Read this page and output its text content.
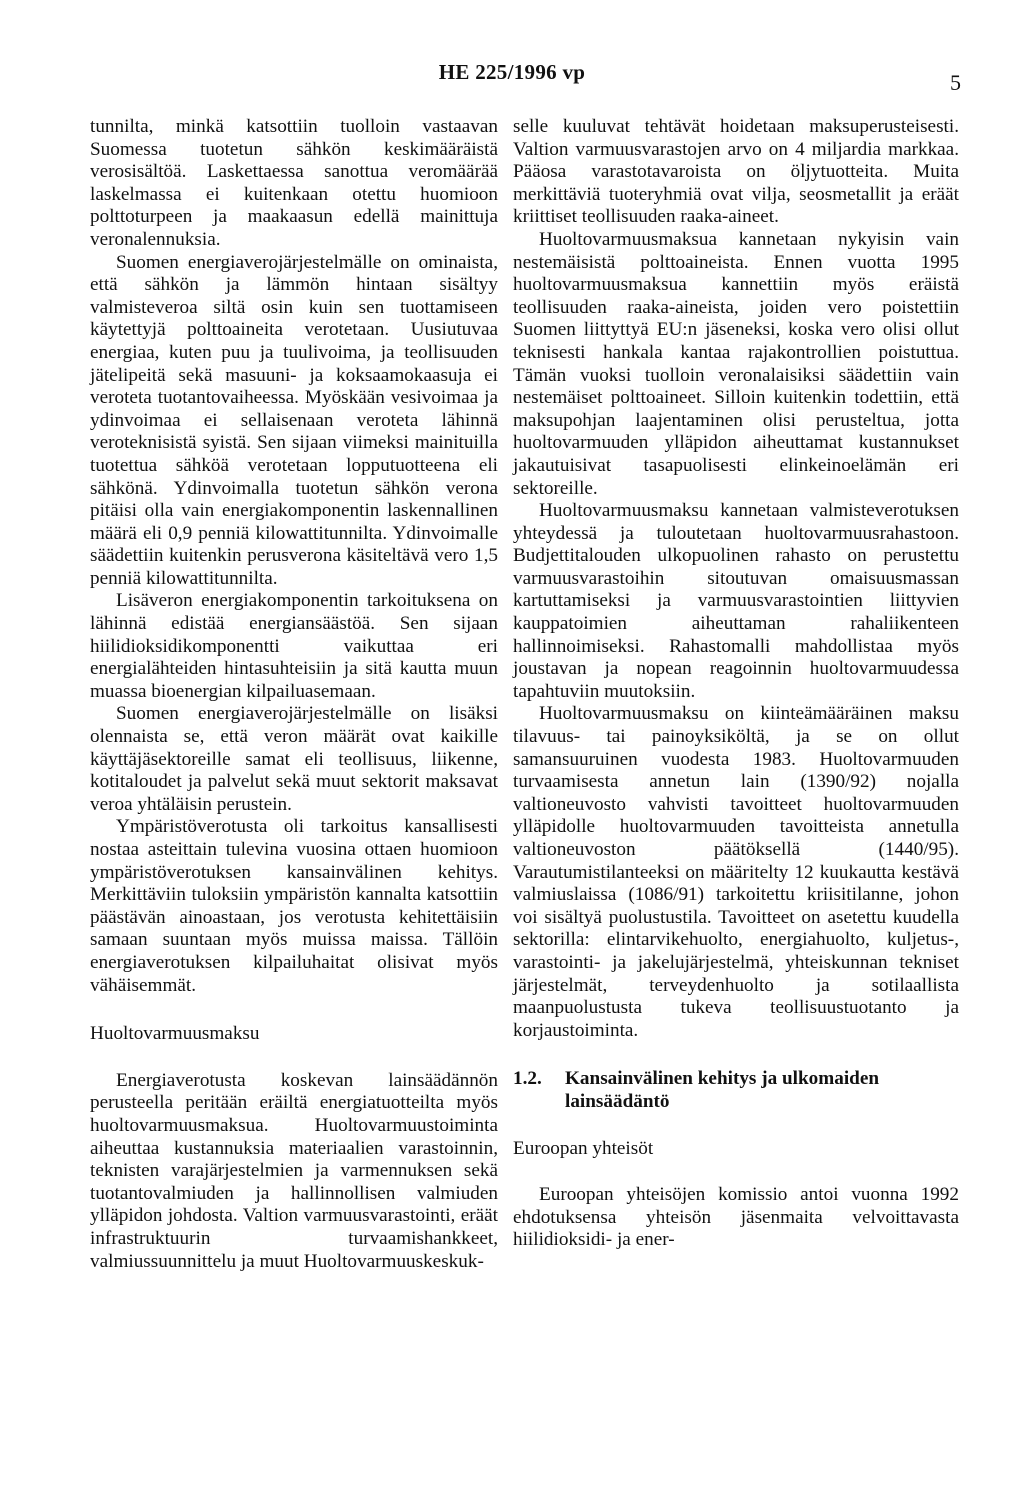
HE 225/1996 vp	5

tunnilta, minkä katsottiin tuolloin vastaavan Suomessa tuotetun sähkön keskimääräistä verosisältöä. Laskettaessa sanottua veromäärää laskelmassa ei kuitenkaan otettu huomioon polttoturpeen ja maakaasun edellä mainittuja veronalennuksia.

Suomen energiaverojärjestelmälle on ominaista, että sähkön ja lämmön hintaan sisältyy valmisteveroa siltä osin kuin sen tuottamiseen käytettyjä polttoaineita verotetaan. Uusiutuvaa energiaa, kuten puu ja tuulivoima, ja teollisuuden jätelipeitä sekä masuuni- ja koksaamokaasuja ei veroteta tuotantovaiheessa. Myöskään vesivoimaa ja ydinvoimaa ei sellaisenaan veroteta lähinnä veroteknisistä syistä. Sen sijaan viimeksi mainituilla tuotettua sähköä verotetaan lopputuotteena eli sähkönä. Ydinvoimalla tuotetun sähkön verona pitäisi olla vain energiakomponentin laskennallinen määrä eli 0,9 penniä kilowattitunnilta. Ydinvoimalle säädettiin kuitenkin perusverona käsiteltävä vero 1,5 penniä kilowattitunnilta.

Lisäveron energiakomponentin tarkoituksena on lähinnä edistää energiansäästöä. Sen sijaan hiilidioksidikomponentti vaikuttaa eri energialähteiden hintasuhteisiin ja sitä kautta muun muassa bioenergian kilpailuasemaan.

Suomen energiaverojärjestelmälle on lisäksi olennaista se, että veron määrät ovat kaikille käyttäjäsektoreille samat eli teollisuus, liikenne, kotitaloudet ja palvelut sekä muut sektorit maksavat veroa yhtäläisin perustein.

Ympäristöverotusta oli tarkoitus kansallisesti nostaa asteittain tulevina vuosina ottaen huomioon ympäristöverotuksen kansainvälinen kehitys. Merkittäviin tuloksiin ympäristön kannalta katsottiin päästävän ainoastaan, jos verotusta kehitettäisiin samaan suuntaan myös muissa maissa. Tällöin energiaverotuksen kilpailuhaitat olisivat myös vähäisemmät.

Huoltovarmuusmaksu

Energiaverotusta koskevan lainsäädännön perusteella peritään eräiltä energiatuotteilta myös huoltovarmuusmaksua. Huoltovarmuustoiminta aiheuttaa kustannuksia materiaalien varastoinnin, teknisten varajärjestelmien ja varmennuksen sekä tuotantovalmiuden ja hallinnollisen valmiuden ylläpidon johdosta. Valtion varmuusvarastointi, eräät infrastruktuurin turvaamishankkeet, valmiussuunnittelu ja muut Huoltovarmuuskeskuk-

selle kuuluvat tehtävät hoidetaan maksuperusteisesti. Valtion varmuusvarastojen arvo on 4 miljardia markkaa. Pääosa varastotavaroista on öljytuotteita. Muita merkittäviä tuoteryhmiä ovat vilja, seosmetallit ja eräät kriittiset teollisuuden raaka-aineet.

Huoltovarmuusmaksua kannetaan nykyisin vain nestemäisistä polttoaineista. Ennen vuotta 1995 huoltovarmuusmaksua kannettiin myös eräistä teollisuuden raaka-aineista, joiden vero poistettiin Suomen liittyttyä EU:n jäseneksi, koska vero olisi ollut teknisesti hankala kantaa rajakontrollien poistuttua. Tämän vuoksi tuolloin veronalaisiksi säädettiin vain nestemäiset polttoaineet. Silloin kuitenkin todettiin, että maksupohjan laajentaminen olisi perusteltua, jotta huoltovarmuuden ylläpidon aiheuttamat kustannukset jakautuisivat tasapuolisesti elinkeinoelämän eri sektoreille.

Huoltovarmuusmaksu kannetaan valmisteverotuksen yhteydessä ja tuloutetaan huoltovarmuusrahastoon. Budjettitalouden ulkopuolinen rahasto on perustettu varmuusvarastoihin sitoutuvan omaisuusmassan kartuttamiseksi ja varmuusvarastointien liittyvien kauppatoimien aiheuttaman rahaliikenteen hallinnoimiseksi. Rahastomalli mahdollistaa myös joustavan ja nopean reagoinnin huoltovarmuudessa tapahtuviin muutoksiin.

Huoltovarmuusmaksu on kiinteämääräinen maksu tilavuus- tai painoyksiköltä, ja se on ollut samansuuruinen vuodesta 1983. Huoltovarmuuden turvaamisesta annetun lain (1390/92) nojalla valtioneuvosto vahvisti tavoitteet huoltovarmuuden ylläpidolle huoltovarmuuden tavoitteista annetulla valtioneuvoston päätöksellä (1440/95). Varautumistilanteeksi on määritelty 12 kuukautta kestävä valmiuslaissa (1086/91) tarkoitettu kriisitilanne, johon voi sisältyä puolustustila. Tavoitteet on asetettu kuudella sektorilla: elintarvikehuolto, energiahuolto, kuljetus-, varastointi- ja jakelujärjestelmä, yhteiskunnan tekniset järjestelmät, terveydenhuolto ja sotilaallista maanpuolustusta tukeva teollisuustuotanto ja korjaustoiminta.

1.2.	Kansainvälinen kehitys ja ulkomaiden lainsäädäntö

Euroopan yhteisöt

Euroopan yhteisöjen komissio antoi vuonna 1992 ehdotuksensa yhteisön jäsenmaita velvoittavasta hiilidioksidi- ja ener-
